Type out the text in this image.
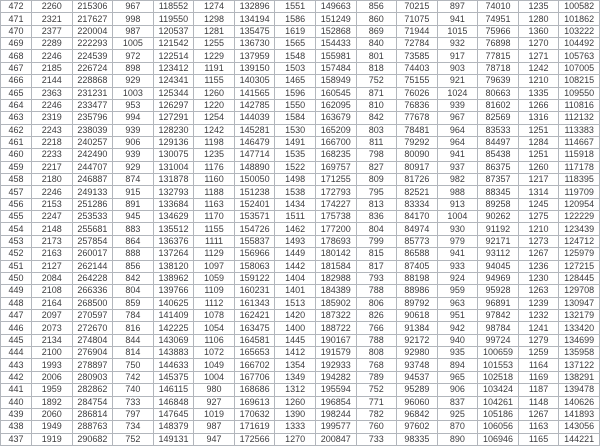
472	2260	215306	967	118552	1274	132896	1551	149663	856	70215	897	74010	1235	100582
471	2321	217627	998	119550	1298	134194	1586	151249	860	71075	941	74951	1280	101862
470	2377	220004	987	120537	1281	135475	1619	152868	869	71944	1015	75966	1360	103222
469	2289	222293	1005	121542	1255	136730	1565	154433	840	72784	932	76898	1270	104492
468	2246	224539	972	122514	1229	137959	1548	155981	801	73585	917	77815	1271	105763
467	2185	226724	898	123412	1191	139150	1503	157484	818	74403	903	78718	1242	107005
466	2144	228868	929	124341	1155	140305	1465	158949	752	75155	921	79639	1210	108215
465	2363	231231	1003	125344	1260	141565	1596	160545	871	76026	1024	80663	1335	109550
464	2246	233477	953	126297	1220	142785	1550	162095	810	76836	939	81602	1266	110816
463	2319	235796	994	127291	1254	144039	1584	163679	842	77678	967	82569	1316	112132
462	2243	238039	939	128230	1242	145281	1530	165209	803	78481	964	83533	1251	113383
461	2218	240257	906	129136	1198	146479	1491	166700	811	79292	964	84497	1284	114667
460	2233	242490	939	130075	1235	147714	1535	168235	798	80090	941	85438	1251	115918
459	2217	244707	929	131004	1176	148890	1522	169757	827	80917	937	86375	1260	117178
458	2180	246887	874	131878	1160	150050	1498	171255	809	81726	982	87357	1217	118395
457	2246	249133	915	132793	1188	151238	1538	172793	795	82521	988	88345	1314	119709
456	2153	251286	891	133684	1163	152401	1434	174227	813	83334	913	89258	1245	120954
455	2247	253533	945	134629	1170	153571	1511	175738	836	84170	1004	90262	1275	122229
454	2148	255681	883	135512	1155	154726	1462	177200	804	84974	930	91192	1210	123439
453	2173	257854	864	136376	1111	155837	1493	178693	799	85773	979	92171	1273	124712
452	2163	260017	888	137264	1129	156966	1449	180142	815	86588	941	93112	1267	125979
451	2127	262144	856	138120	1097	158063	1442	181584	817	87405	933	94045	1236	127215
450	2084	264228	842	138962	1059	159122	1404	182988	793	88198	924	94969	1230	128445
449	2108	266336	804	139766	1109	160231	1401	184389	788	88986	959	95928	1263	129708
448	2164	268500	859	140625	1112	161343	1513	185902	806	89792	963	96891	1239	130947
447	2097	270597	784	141409	1078	162421	1420	187322	826	90618	951	97842	1232	132179
446	2073	272670	816	142225	1054	163475	1400	188722	766	91384	942	98784	1241	133420
445	2134	274804	844	143069	1106	164581	1445	190167	788	92172	940	99724	1279	134699
444	2100	276904	814	143883	1072	165653	1412	191579	808	92980	935	100659	1259	135958
443	1993	278897	750	144633	1049	166702	1354	192933	768	93748	894	101553	1164	137122
442	2006	280903	742	145375	1004	167706	1349	194282	789	94537	965	102518	1169	138291
441	1959	282862	740	146115	980	168686	1312	195594	752	95289	906	103424	1187	139478
440	1892	284754	733	146848	927	169613	1260	196854	771	96060	837	104261	1148	140626
439	2060	286814	797	147645	1019	170632	1390	198244	782	96842	925	105186	1267	141893
438	1949	288763	734	148379	987	171619	1333	199577	760	97602	870	106056	1163	143056
437	1919	290682	752	149131	947	172566	1270	200847	733	98335	890	106946	1165	144221
